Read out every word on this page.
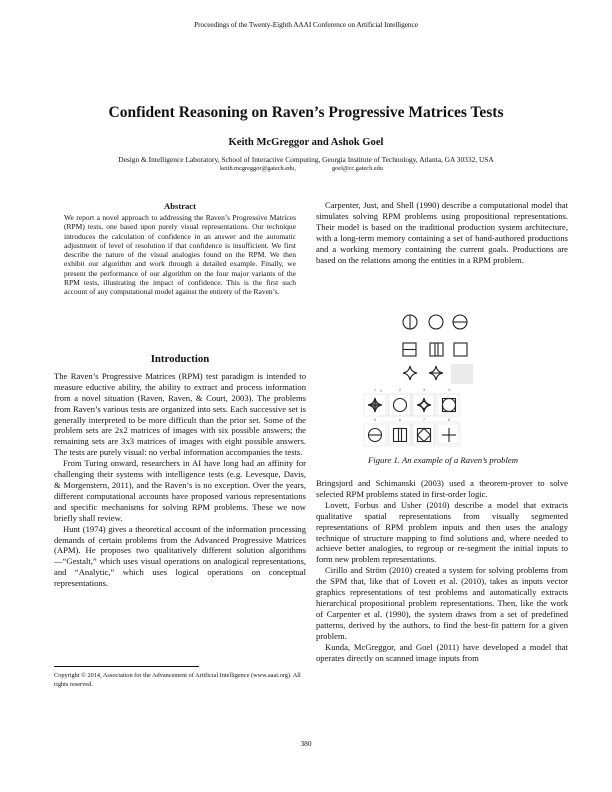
Proceedings of the Twenty-Eighth AAAI Conference on Artificial Intelligence
Confident Reasoning on Raven’s Progressive Matrices Tests
Keith McGreggor and Ashok Goel
Design & Intelligence Laboratory, School of Interactive Computing, Georgia Institute of Technology, Atlanta, GA 30332, USA
keith.mcgreggor@gatech.edu,	goel@cc.gatech.edu
Abstract
We report a novel approach to addressing the Raven’s Progressive Matrices (RPM) tests, one based upon purely visual representations. Our technique introduces the calculation of confidence in an answer and the automatic adjustment of level of resolution if that confidence is insufficient. We first describe the nature of the visual analogies found on the RPM. We then exhibit our algorithm and work through a detailed example. Finally, we present the performance of our algorithm on the four major variants of the RPM tests, illustrating the impact of confidence. This is the first such account of any computational model against the entirety of the Raven’s.
Introduction

The Raven’s Progressive Matrices (RPM) test paradigm is intended to measure eductive ability, the ability to extract and process information from a novel situation (Raven, Raven, & Court, 2003). The problems from Raven’s various tests are organized into sets. Each successive set is generally interpreted to be more difficult than the prior set. Some of the problem sets are 2x2 matrices of images with six possible answers; the remaining sets are 3x3 matrices of images with eight possible answers. The tests are purely visual: no verbal information accompanies the tests.

From Turing onward, researchers in AI have long had an affinity for challenging their systems with intelligence tests (e.g. Levesque, Davis, & Morgenstern, 2011), and the Raven’s is no exception. Over the years, different computational accounts have proposed various representations and specific mechanisms for solving RPM problems. These we now briefly shall review.

Hunt (1974) gives a theoretical account of the information processing demands of certain problems from the Advanced Progressive Matrices (APM). He proposes two qualitatively different solution algorithms—“Gestalt,” which uses visual operations on analogical representations, and “Analytic,” which uses logical operations on conceptual representations.

Copyright © 2014, Association for the Advancement of Artificial Intelligence (www.aaai.org). All rights reserved.

Carpenter, Just, and Shell (1990) describe a computational model that simulates solving RPM problems using propositional representations. Their model is based on the traditional production system architecture, with a long-term memory containing a set of hand-authored productions and a working memory containing the current goals. Productions are based on the relations among the entities in a RPM problem.

1
1	2	3	4
5	6	7	8
Figure 1. An example of a Raven’s problem

Bringsjord and Schimanski (2003) used a theorem-prover to solve selected RPM problems stated in first-order logic.

Lovett, Forbus and Usher (2010) describe a model that extracts qualitative spatial representations from visually segmented representations of RPM problem inputs and then uses the analogy technique of structure mapping to find solutions and, where needed to achieve better analogies, to regroup or re-segment the initial inputs to form new problem representations.

Cirillo and Ström (2010) created a system for solving problems from the SPM that, like that of Lovett et al. (2010), takes as inputs vector graphics representations of test problems and automatically extracts hierarchical propositional problem representations. Then, like the work of Carpenter et al. (1990), the system draws from a set of predefined patterns, derived by the authors, to find the best-fit pattern for a given problem.

Kunda, McGreggor, and Goel (2011) have developed a model that operates directly on scanned image inputs from

380
